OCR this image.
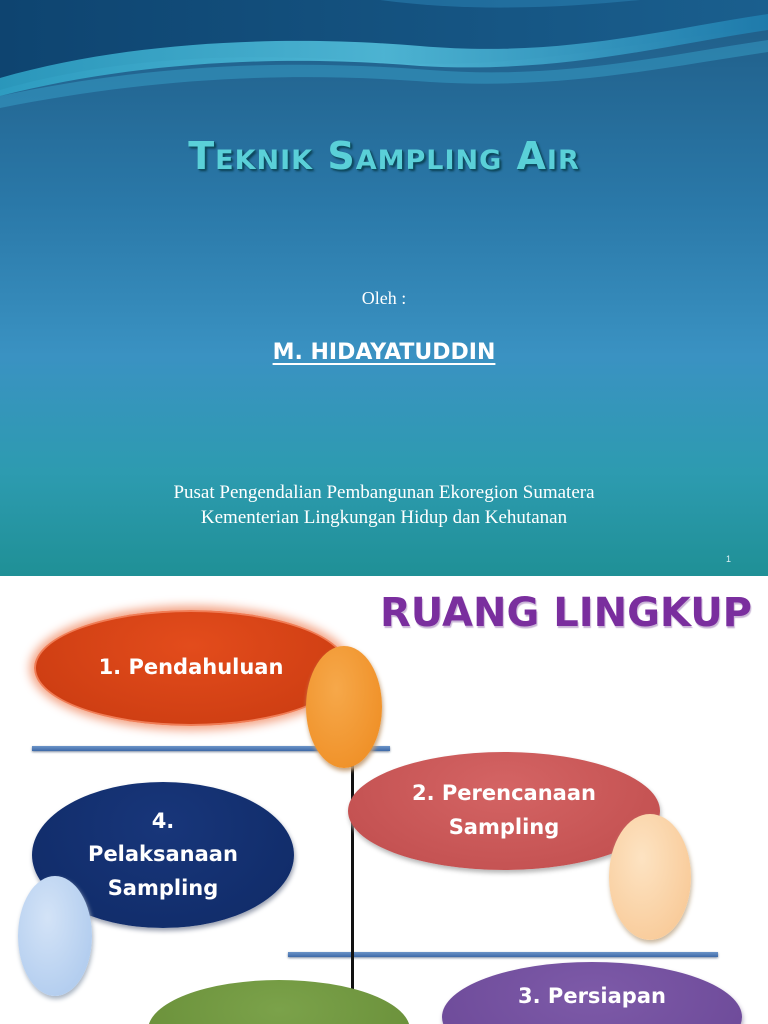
Teknik Sampling Air
Oleh :
M. HIDAYATUDDIN
Pusat Pengendalian Pembangunan Ekoregion Sumatera
Kementerian Lingkungan Hidup dan Kehutanan
1
RUANG LINGKUP
1. Pendahuluan
2. Perencanaan
Sampling
4.
Pelaksanaan
Sampling
3. Persiapan
